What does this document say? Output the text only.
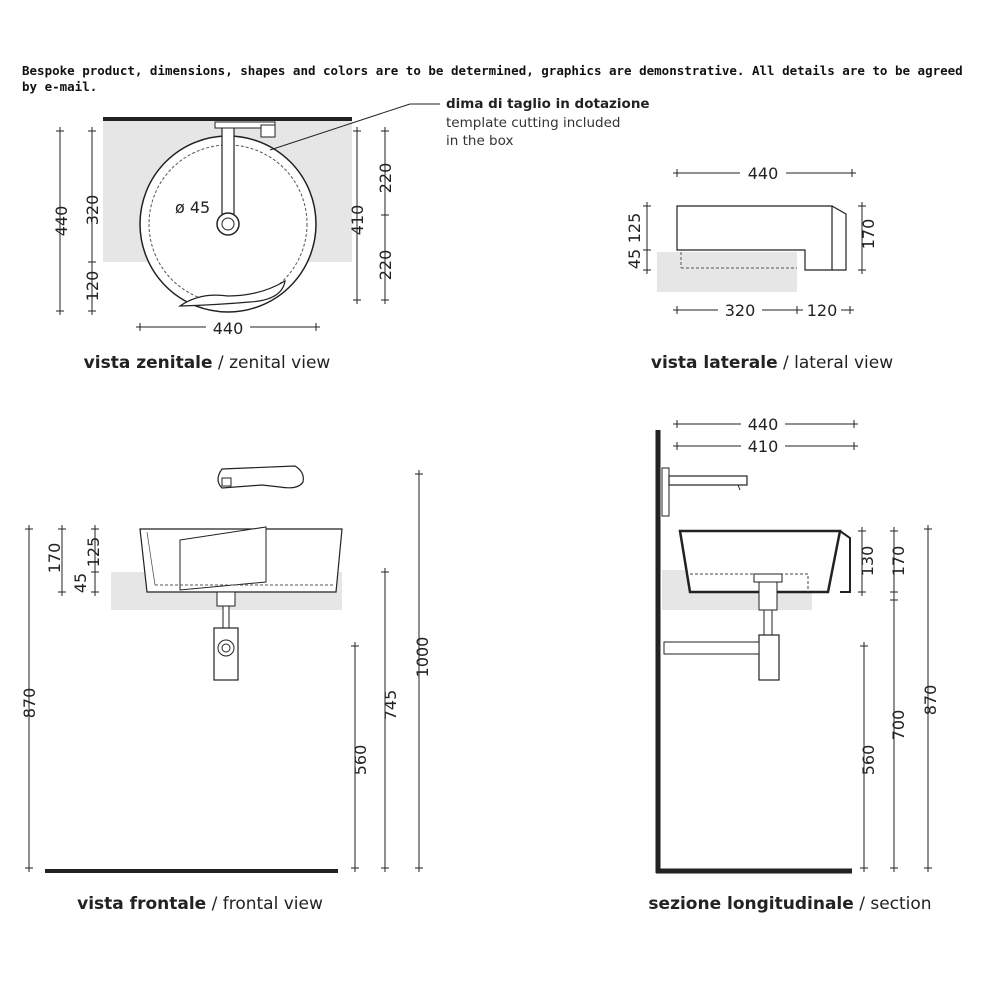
Bespoke product, dimensions, shapes and colors are to be determined, graphics are demonstrative. All details are to be agreed by e-mail.
ø 45
440 320
120
410
220
220
440
dima di taglio in dotazione
template cutting included
in the box
vista zenitale / zenital view
440
125
45
170
320	120
vista laterale / lateral view
870
170 125
45
560
745
1000
vista frontale / frontal view
440
410
130 170
560
700
870
sezione longitudinale / section
